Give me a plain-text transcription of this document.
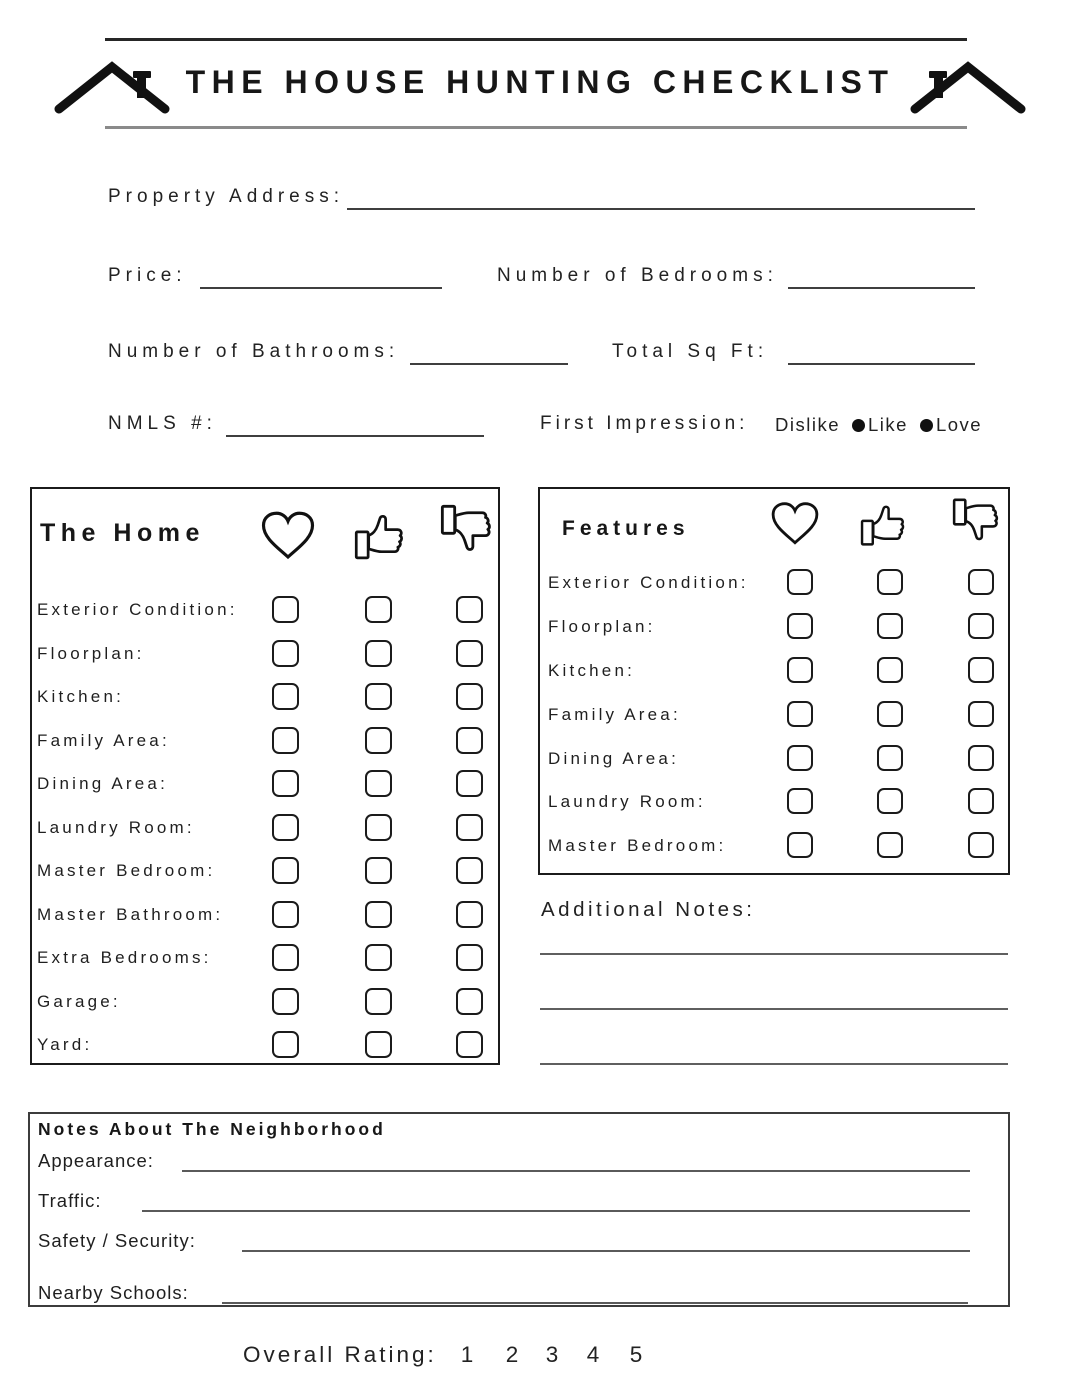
THE HOUSE HUNTING CHECKLIST
Property Address:
Price:	Number of Bedrooms:
Number of Bathrooms:	Total Sq Ft:
NMLS #:	First Impression: Dislike Like Love
The Home
Exterior Condition:
Floorplan:
Kitchen:
Family Area:
Dining Area:
Laundry Room:
Master Bedroom:
Master Bathroom:
Extra Bedrooms:
Garage:
Yard:
Features
Exterior Condition:
Floorplan:
Kitchen:
Family Area:
Dining Area:
Laundry Room:
Master Bedroom:
Additional Notes:
Notes About The Neighborhood
Appearance:
Traffic:
Safety / Security:
Nearby Schools:
Overall Rating: 1 2 3 4 5
